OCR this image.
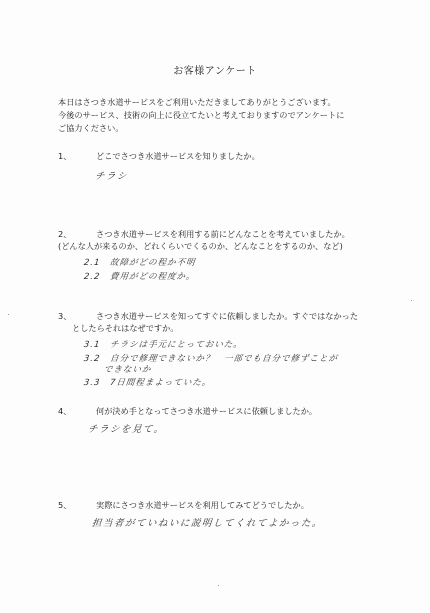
お客様アンケート
本日はさつき水道サービスをご利用いただきましてありがとうございます。
今後のサービス、技術の向上に役立てたいと考えておりますのでアンケートに
ご協力ください。
1、	どこでさつき水道サービスを知りましたか。
チラシ
2、	さつき水道サービスを利用する前にどんなことを考えていましたか。
(どんな人が来るのか、どれくらいでくるのか、どんなことをするのか、など)
2.1　故障がどの程か不明
2.2　費用がどの程度か。
3、	さつき水道サービスを知ってすぐに依頼しましたか。すぐではなかった
としたらそれはなぜですか。
3.1　チラシは手元にとっておいた。
3.2　自分で修理できないか？　一部でも自分で修ずことが
できないか
3.3　7日間程まよっていた。
4、	何が決め手となってさつき水道サービスに依頼しましたか。
チラシを見て。
5、	実際にさつき水道サービスを利用してみてどうでしたか。
担当者がていねいに説明してくれてよかった。
